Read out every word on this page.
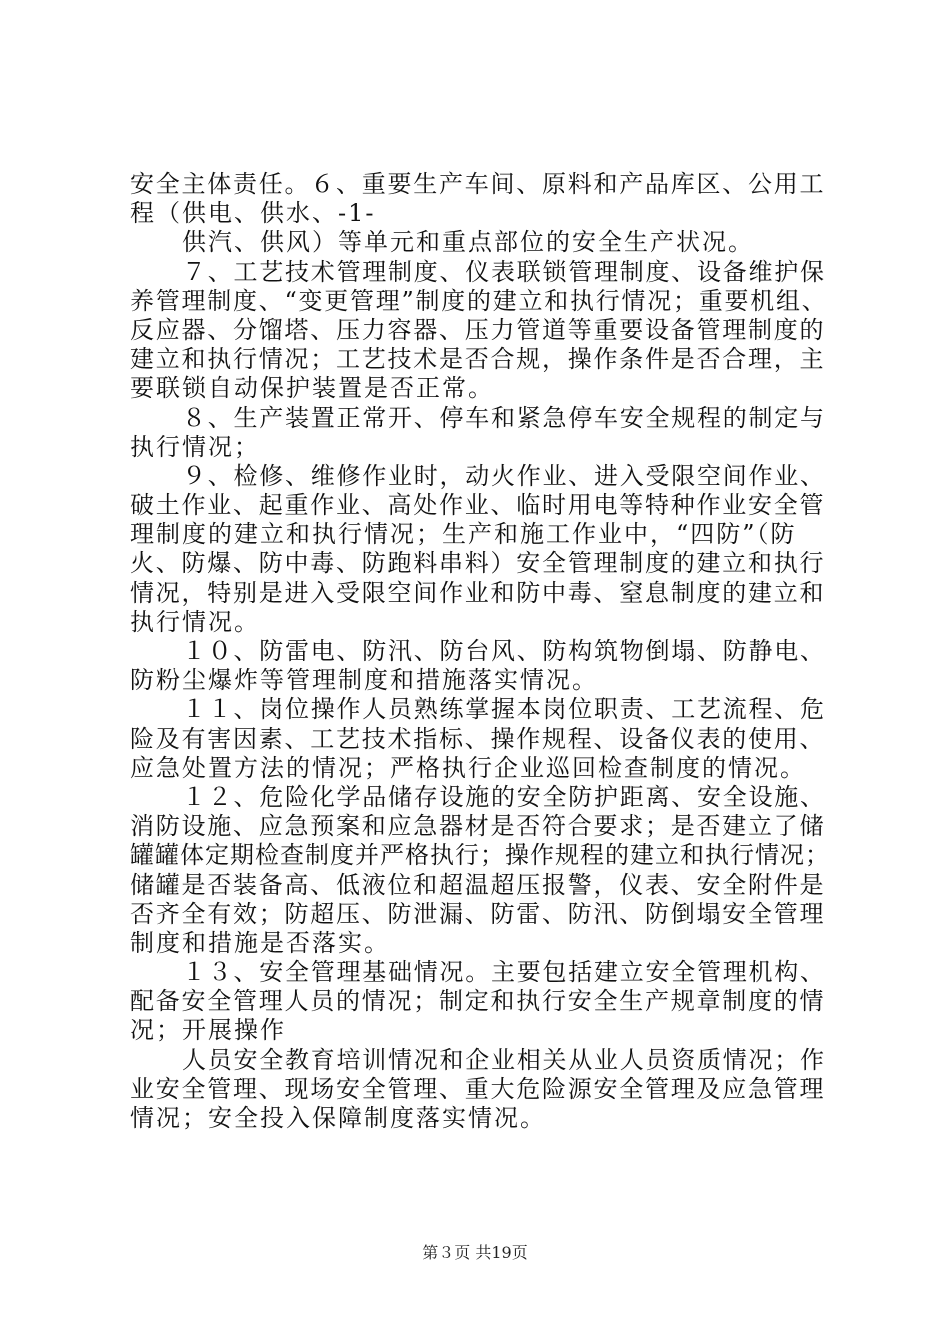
安全主体责任。６、重要生产车间、原料和产品库区、公用工
程（供电、供水、-1-
供汽、供风）等单元和重点部位的安全生产状况。
７、工艺技术管理制度、仪表联锁管理制度、设备维护保
养管理制度、“变更管理”制度的建立和执行情况；重要机组、
反应器、分馏塔、压力容器、压力管道等重要设备管理制度的
建立和执行情况；工艺技术是否合规，操作条件是否合理，主
要联锁自动保护装置是否正常。
８、生产装置正常开、停车和紧急停车安全规程的制定与
执行情况；
９、检修、维修作业时，动火作业、进入受限空间作业、
破土作业、起重作业、高处作业、临时用电等特种作业安全管
理制度的建立和执行情况；生产和施工作业中，“四防”（防
火、防爆、防中毒、防跑料串料）安全管理制度的建立和执行
情况，特别是进入受限空间作业和防中毒、窒息制度的建立和
执行情况。
１０、防雷电、防汛、防台风、防构筑物倒塌、防静电、
防粉尘爆炸等管理制度和措施落实情况。
１１、岗位操作人员熟练掌握本岗位职责、工艺流程、危
险及有害因素、工艺技术指标、操作规程、设备仪表的使用、
应急处置方法的情况；严格执行企业巡回检查制度的情况。
１２、危险化学品储存设施的安全防护距离、安全设施、
消防设施、应急预案和应急器材是否符合要求；是否建立了储
罐罐体定期检查制度并严格执行；操作规程的建立和执行情况；
储罐是否装备高、低液位和超温超压报警，仪表、安全附件是
否齐全有效；防超压、防泄漏、防雷、防汛、防倒塌安全管理
制度和措施是否落实。
１３、安全管理基础情况。主要包括建立安全管理机构、
配备安全管理人员的情况；制定和执行安全生产规章制度的情
况；开展操作
人员安全教育培训情况和企业相关从业人员资质情况；作
业安全管理、现场安全管理、重大危险源安全管理及应急管理
情况；安全投入保障制度落实情况。
第３页 共19页
